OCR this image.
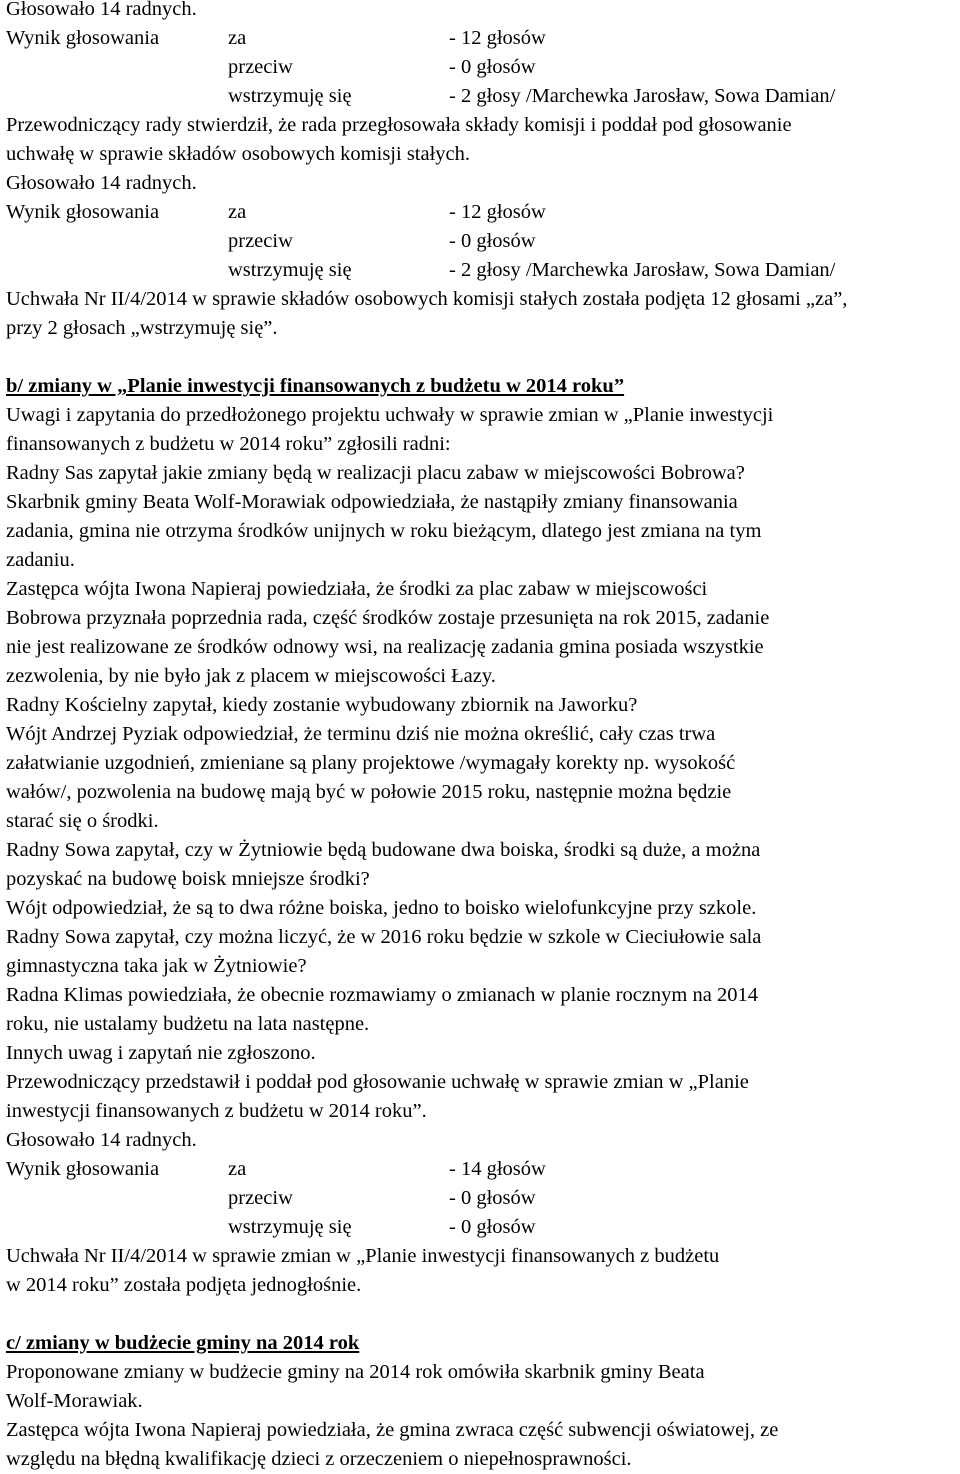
Głosowało 14 radnych.

Wynik głosowania	za	- 12 głosów
przeciw	- 0 głosów
wstrzymuję się	- 2 głosy /Marchewka Jarosław, Sowa Damian/

Przewodniczący rady stwierdził, że rada przegłosowała składy komisji i poddał pod głosowanie

uchwałę w sprawie składów osobowych komisji stałych.

Głosowało 14 radnych.

Wynik głosowania	za	- 12 głosów
przeciw	- 0 głosów
wstrzymuję się	- 2 głosy /Marchewka Jarosław, Sowa Damian/

Uchwała Nr II/4/2014 w sprawie składów osobowych komisji stałych została podjęta 12 głosami „za”,

przy 2 głosach „wstrzymuję się”.

b/ zmiany w „Planie inwestycji finansowanych z budżetu w 2014 roku”

Uwagi i zapytania do przedłożonego projektu uchwały w sprawie zmian w „Planie inwestycji

finansowanych z budżetu w 2014 roku” zgłosili radni:

Radny Sas zapytał jakie zmiany będą w realizacji placu zabaw w miejscowości Bobrowa?

Skarbnik gminy Beata Wolf-Morawiak odpowiedziała, że nastąpiły zmiany finansowania

zadania, gmina nie otrzyma środków unijnych w roku bieżącym, dlatego jest zmiana na tym

zadaniu.

Zastępca wójta Iwona Napieraj powiedziała, że środki za plac zabaw w miejscowości

Bobrowa przyznała poprzednia rada, część środków zostaje przesunięta na rok 2015, zadanie

nie jest realizowane ze środków odnowy wsi, na realizację zadania gmina posiada wszystkie

zezwolenia, by nie było jak z placem w miejscowości Łazy.

Radny Kościelny zapytał, kiedy zostanie wybudowany zbiornik na Jaworku?

Wójt Andrzej Pyziak odpowiedział, że terminu dziś nie można określić, cały czas trwa

załatwianie uzgodnień, zmieniane są plany projektowe /wymagały korekty np. wysokość

wałów/, pozwolenia na budowę mają być w połowie 2015 roku, następnie można będzie

starać się o środki.

Radny Sowa zapytał, czy w Żytniowie będą budowane dwa boiska, środki są duże, a można

pozyskać na budowę boisk mniejsze środki?

Wójt odpowiedział, że są to dwa różne boiska, jedno to boisko wielofunkcyjne przy szkole.

Radny Sowa zapytał, czy można liczyć, że w 2016 roku będzie w szkole w Cieciułowie sala

gimnastyczna taka jak w Żytniowie?

Radna Klimas powiedziała, że obecnie rozmawiamy o zmianach w planie rocznym na 2014

roku, nie ustalamy budżetu na lata następne.

Innych uwag i zapytań nie zgłoszono.

Przewodniczący przedstawił i poddał pod głosowanie uchwałę w sprawie zmian w „Planie

inwestycji finansowanych z budżetu w 2014 roku”.

Głosowało 14 radnych.

Wynik głosowania	za	- 14 głosów
przeciw	- 0 głosów
wstrzymuję się	- 0 głosów

Uchwała Nr II/4/2014 w sprawie zmian w „Planie inwestycji finansowanych z budżetu

w 2014 roku” została podjęta jednogłośnie.

c/ zmiany w budżecie gminy na 2014 rok

Proponowane zmiany w budżecie gminy na 2014 rok omówiła skarbnik gminy Beata

Wolf-Morawiak.

Zastępca wójta Iwona Napieraj powiedziała, że gmina zwraca część subwencji oświatowej, ze

względu na błędną kwalifikację dzieci z orzeczeniem o niepełnosprawności.
